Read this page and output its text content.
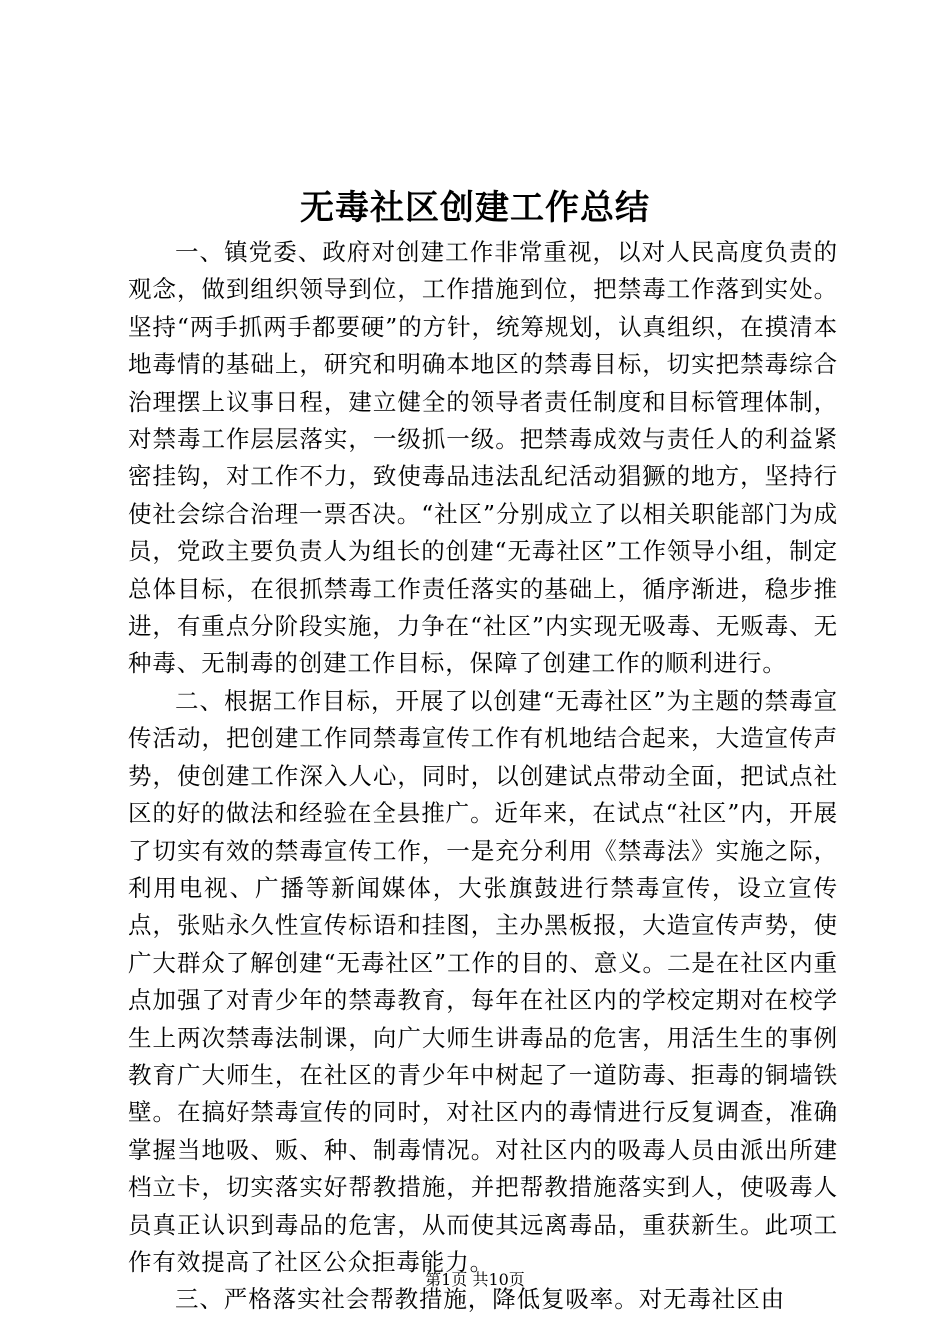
无毒社区创建工作总结

一、镇党委、政府对创建工作非常重视，以对人民高度负责的观念，做到组织领导到位，工作措施到位，把禁毒工作落到实处。坚持“两手抓两手都要硬”的方针，统筹规划，认真组织，在摸清本地毒情的基础上，研究和明确本地区的禁毒目标，切实把禁毒综合治理摆上议事日程，建立健全的领导者责任制度和目标管理体制，对禁毒工作层层落实，一级抓一级。把禁毒成效与责任人的利益紧密挂钩，对工作不力，致使毒品违法乱纪活动猖獗的地方，坚持行使社会综合治理一票否决。“社区”分别成立了以相关职能部门为成员，党政主要负责人为组长的创建“无毒社区”工作领导小组，制定总体目标，在很抓禁毒工作责任落实的基础上，循序渐进，稳步推进，有重点分阶段实施，力争在“社区”内实现无吸毒、无贩毒、无种毒、无制毒的创建工作目标，保障了创建工作的顺利进行。

二、根据工作目标，开展了以创建“无毒社区”为主题的禁毒宣传活动，把创建工作同禁毒宣传工作有机地结合起来，大造宣传声势，使创建工作深入人心，同时，以创建试点带动全面，把试点社区的好的做法和经验在全县推广。近年来，在试点“社区”内，开展了切实有效的禁毒宣传工作，一是充分利用《禁毒法》实施之际，利用电视、广播等新闻媒体，大张旗鼓进行禁毒宣传，设立宣传点，张贴永久性宣传标语和挂图，主办黑板报，大造宣传声势，使广大群众了解创建“无毒社区”工作的目的、意义。二是在社区内重点加强了对青少年的禁毒教育，每年在社区内的学校定期对在校学生上两次禁毒法制课，向广大师生讲毒品的危害，用活生生的事例教育广大师生，在社区的青少年中树起了一道防毒、拒毒的铜墙铁壁。在搞好禁毒宣传的同时，对社区内的毒情进行反复调查，准确掌握当地吸、贩、种、制毒情况。对社区内的吸毒人员由派出所建档立卡，切实落实好帮教措施，并把帮教措施落实到人，使吸毒人员真正认识到毒品的危害，从而使其远离毒品，重获新生。此项工作有效提高了社区公众拒毒能力。

三、严格落实社会帮教措施，降低复吸率。对无毒社区由

第1页 共10页
